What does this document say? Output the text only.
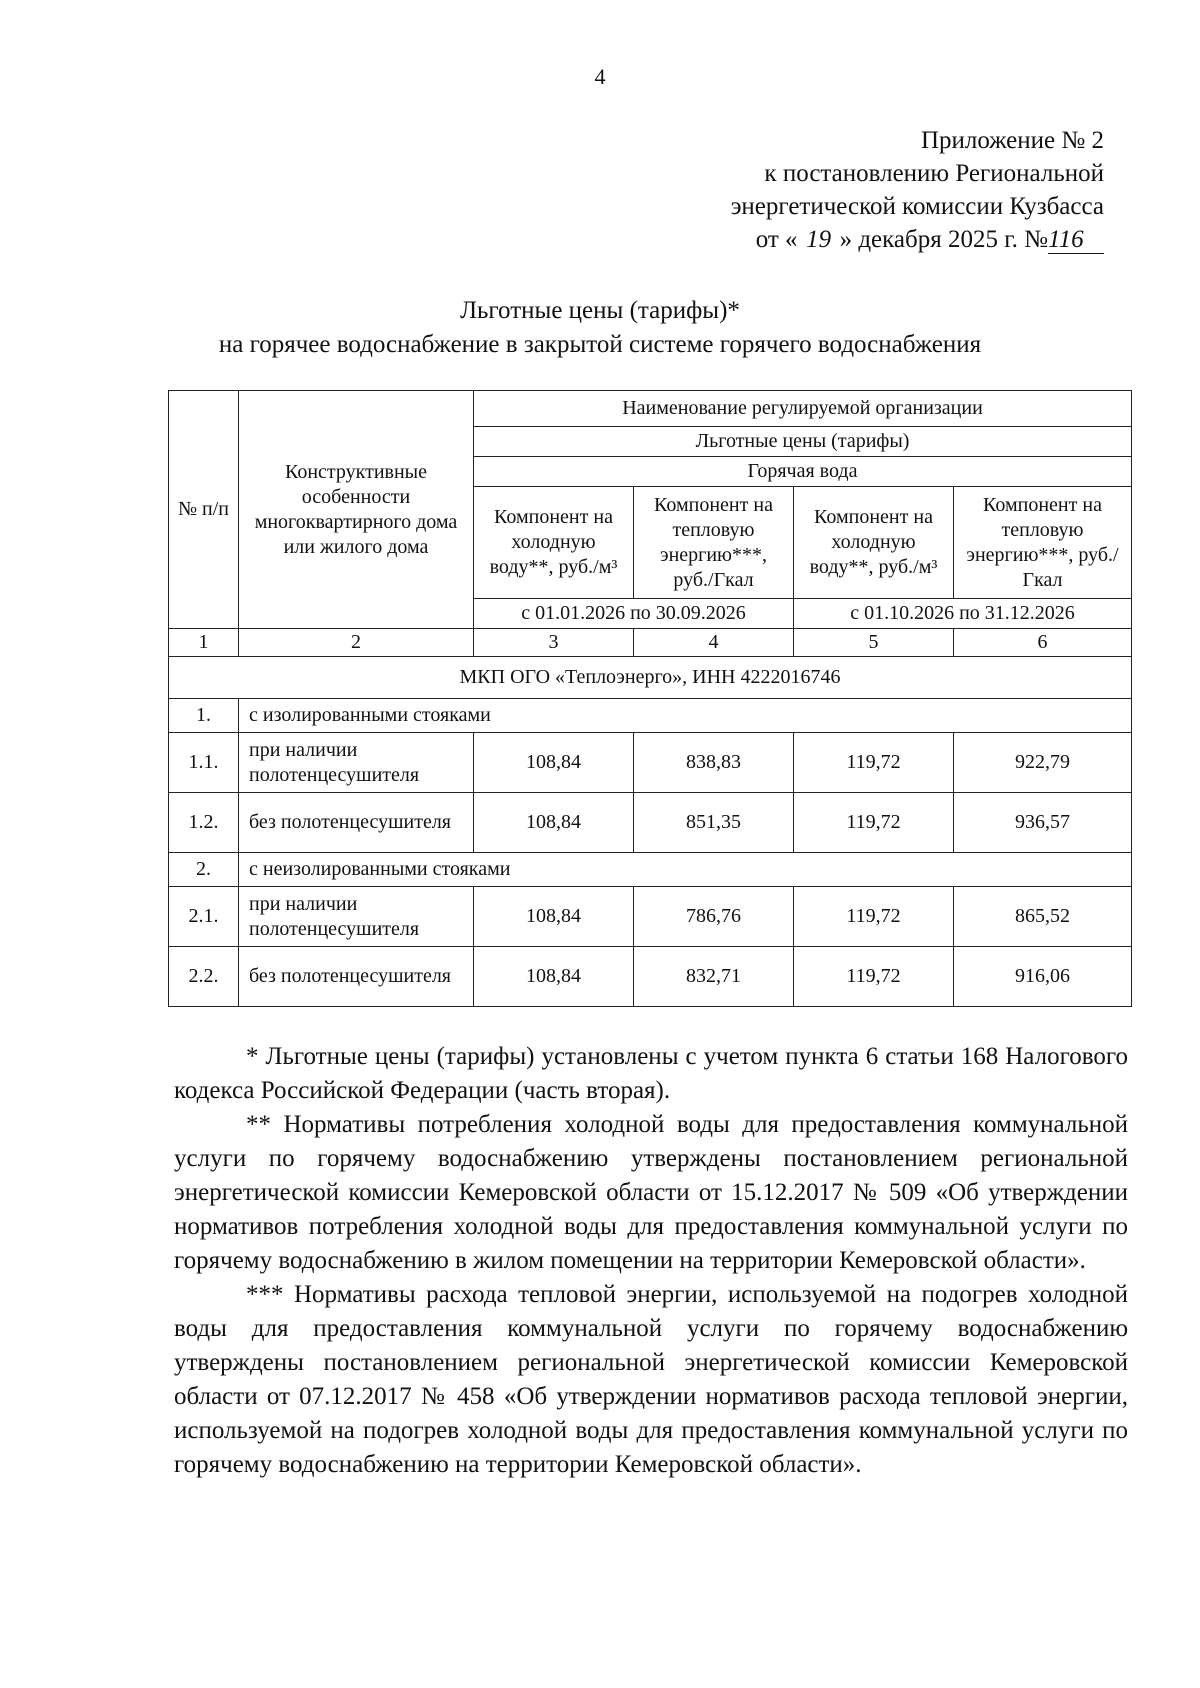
4
Приложение № 2
к постановлению Региональной
энергетической комиссии Кузбасса
от « 19 » декабря 2025 г. №116
Льготные цены (тарифы)*
на горячее водоснабжение в закрытой системе горячего водоснабжения
№ п/п	Конструктивные особенности многоквартирного дома или жилого дома	Наименование регулируемой организации			
		Льготные цены (тарифы)			
		Горячая вода			
		Компонент на холодную воду**, руб./м³	Компонент на тепловую энергию***, руб./Гкал	Компонент на холодную воду**, руб./м³	Компонент на тепловую энергию***, руб./Гкал
		с 01.01.2026 по 30.09.2026		с 01.10.2026 по 31.12.2026	

1	2	3	4	5	6
МКП ОГО «Теплоэнерго», ИНН 4222016746					
1.	с изолированными стояками				
1.1.	при наличии полотенцесушителя	108,84	838,83	119,72	922,79
1.2.	без полотенцесушителя	108,84	851,35	119,72	936,57
2.	с неизолированными стояками				
2.1.	при наличии полотенцесушителя	108,84	786,76	119,72	865,52
2.2.	без полотенцесушителя	108,84	832,71	119,72	916,06

* Льготные цены (тарифы) установлены с учетом пункта 6 статьи 168 Налогового кодекса Российской Федерации (часть вторая).

** Нормативы потребления холодной воды для предоставления коммунальной услуги по горячему водоснабжению утверждены постановлением региональной энергетической комиссии Кемеровской области от 15.12.2017 № 509 «Об утверждении нормативов потребления холодной воды для предоставления коммунальной услуги по горячему водоснабжению в жилом помещении на территории Кемеровской области».

*** Нормативы расхода тепловой энергии, используемой на подогрев холодной воды для предоставления коммунальной услуги по горячему водоснабжению утверждены постановлением региональной энергетической комиссии Кемеровской области от 07.12.2017 № 458 «Об утверждении нормативов расхода тепловой энергии, используемой на подогрев холодной воды для предоставления коммунальной услуги по горячему водоснабжению на территории Кемеровской области».
